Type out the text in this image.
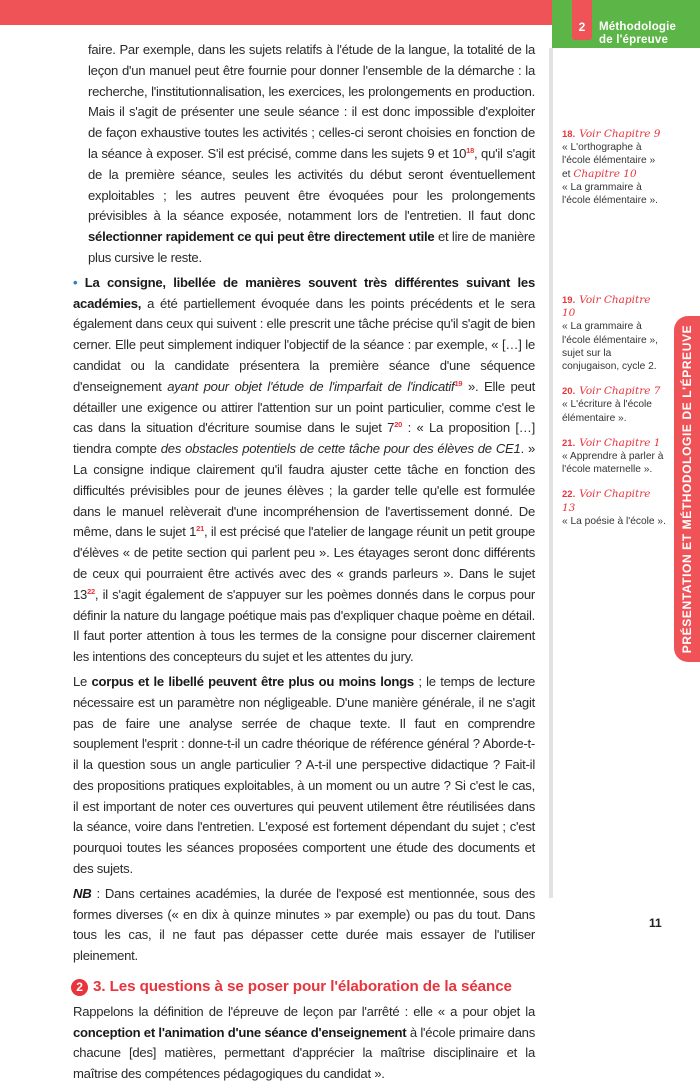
2	Méthodologie
de l'épreuve

faire. Par exemple, dans les sujets relatifs à l'étude de la langue, la totalité de la leçon d'un manuel peut être fournie pour donner l'ensemble de la démarche : la recherche, l'institutionnalisation, les exercices, les prolongements en production. Mais il s'agit de présenter une seule séance : il est donc impossible d'exploiter de façon exhaustive toutes les activités ; celles-ci seront choisies en fonction de la séance à exposer. S'il est précisé, comme dans les sujets 9 et 10$^{18}$, qu'il s'agit de la première séance, seules les activités du début seront éventuellement exploitables ; les autres peuvent être évoquées pour les prolongements prévisibles à la séance exposée, notamment lors de l'entretien. Il faut donc sélectionner rapidement ce qui peut être directement utile et lire de manière plus cursive le reste.

• La consigne, libellée de manières souvent très différentes suivant les académies, a été partiellement évoquée dans les points précédents et le sera également dans ceux qui suivent : elle prescrit une tâche précise qu'il s'agit de bien cerner. Elle peut simplement indiquer l'objectif de la séance : par exemple, « […] le candidat ou la candidate présentera la première séance d'une séquence d'enseignement ayant pour objet l'étude de l'imparfait de l'indicatif$^{19}$ ». Elle peut détailler une exigence ou attirer l'attention sur un point particulier, comme c'est le cas dans la situation d'écriture soumise dans le sujet 7$^{20}$ : « La proposition […] tiendra compte des obstacles potentiels de cette tâche pour des élèves de CE1. » La consigne indique clairement qu'il faudra ajuster cette tâche en fonction des difficultés prévisibles pour de jeunes élèves ; la garder telle qu'elle est formulée dans le manuel relèverait d'une incompréhension de l'avertissement donné. De même, dans le sujet 1$^{21}$, il est précisé que l'atelier de langage réunit un petit groupe d'élèves « de petite section qui parlent peu ». Les étayages seront donc différents de ceux qui pourraient être activés avec des « grands parleurs ». Dans le sujet 13$^{22}$, il s'agit également de s'appuyer sur les poèmes donnés dans le corpus pour définir la nature du langage poétique mais pas d'expliquer chaque poème en détail. Il faut porter attention à tous les termes de la consigne pour discerner clairement les intentions des concepteurs du sujet et les attentes du jury.

Le corpus et le libellé peuvent être plus ou moins longs ; le temps de lecture nécessaire est un paramètre non négligeable. D'une manière générale, il ne s'agit pas de faire une analyse serrée de chaque texte. Il faut en comprendre souplement l'esprit : donne-t-il un cadre théorique de référence général ? Aborde-t-il la question sous un angle particulier ? A-t-il une perspective didactique ? Fait-il des propositions pratiques exploitables, à un moment ou un autre ? Si c'est le cas, il est important de noter ces ouvertures qui peuvent utilement être réutilisées dans la séance, voire dans l'entretien. L'exposé est fortement dépendant du sujet ; c'est pourquoi toutes les séances proposées comportent une étude des documents et des sujets.

NB : Dans certaines académies, la durée de l'exposé est mentionnée, sous des formes diverses (« en dix à quinze minutes » par exemple) ou pas du tout. Dans tous les cas, il ne faut pas dépasser cette durée mais essayer de l'utiliser pleinement.

2 3. Les questions à se poser pour l'élaboration de la séance

Rappelons la définition de l'épreuve de leçon par l'arrêté : elle « a pour objet la conception et l'animation d'une séance d'enseignement à l'école primaire dans chacune [des] matières, permettant d'apprécier la maîtrise disciplinaire et la maîtrise des compétences pédagogiques du candidat ».

18. Voir Chapitre 9
« L'orthographe à l'école élémentaire »
et Chapitre 10
« La grammaire à l'école élémentaire ».
19. Voir Chapitre 10
« La grammaire à l'école élémentaire », sujet sur la conjugaison, cycle 2.
20. Voir Chapitre 7
« L'écriture à l'école élémentaire ».
21. Voir Chapitre 1
« Apprendre à parler à l'école maternelle ».
22. Voir Chapitre 13
« La poésie à l'école ». PRÉSENTATION ET MÉTHODOLOGIE DE L'ÉPREUVE
11
